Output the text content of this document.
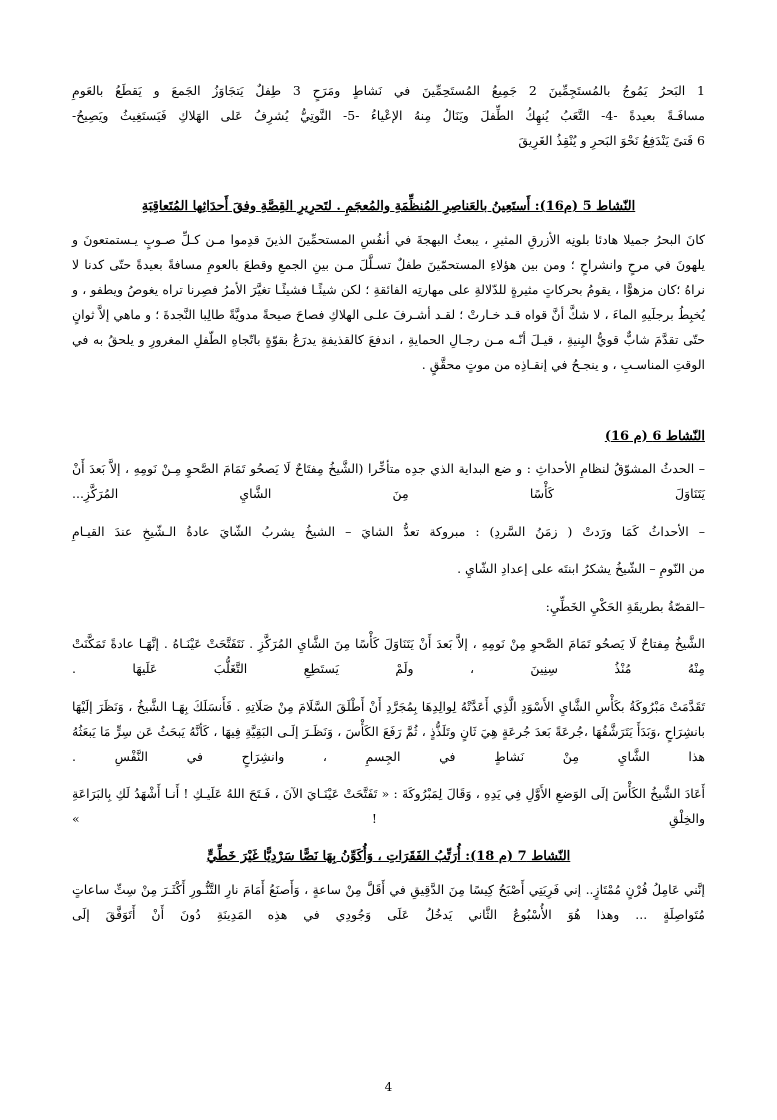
1 البَحرُ يَمُوجُ بالمُستَجِمِّينَ 2 جَمِيعُ المُستَحِمِّينَ في نَشاطٍ ومَرَحٍ 3 طِفلٌ يَتجَاوَزُ الجَمعَ و يَقطَعُ بالعَومِ

مسافَـةً بعيدةً -4- التَّعَبُ يُنهِكُ الطِّفلَ ويَنَالُ مِنهُ الإعْياءُ -5- النَّوتِيُّ يُشرِفُ عَلى الهَلاكِ فَيَستَغِيثُ ويَصِيحُ-

6 فَتىً يَنْدَفِعُ نَحْوَ البَحرِ و يُنْقِذُ الغَرِيقَ

النّشاط 5 (م16): أَستَعِينُ بالعَناصِرِ المُنظِّمَةِ والمُعجَمِ . لتَحرِيرِ القِصَّةِ وفقَ أَحدَاثِها المُتَعاقِبَةِ

كانَ البحرُ جميلا هادئا بلونِه الأزرقِ المثيرِ ، يبعثُ البهجةَ في أنفُسِ المستحمِّينَ الذينَ قدِموا مـن كـلِّ صـوبٍ يـستمتعونَ و يلهونَ في مرحٍ وانشراحٍ ؛ ومن بين هؤلاءِ المستحمّينَ طفلٌ تسـلَّلَ مـن بينِ الجمعِ وقطعَ بالعومِ مسافةً بعيدةً حتّى كدنا لا نراهُ ؛كان مزهوًّا ، يقومُ بحركاتٍ مثيرةٍ للدّلالةِ على مهارتِه الفائقةِ ؛ لكن شيئًـا فشيئًـا تغيَّرَ الأمرُ فصِرنا تراه يغوصُ ويطفو ، و يُخبِطُ برجلَيهِ الماءَ ، لا شكَّ أنَّ قواه قـد خـارتْ ؛ لقـد أشـرفَ علـى الهلاكِ فصاحَ صيحةً مدويَّةً طالِبا النَّجدةَ ؛ و ماهي إلاَّ ثوانٍ حتّى تقدَّمَ شابٌّ قويُّ البِنيةِ ، قيـلَ أنّـه مـن رجـالِ الحمايةِ ، اندفعَ كالقذيفةِ يدرَعُ بقوّةٍ باتّجاهِ الطّفلِ المغرورِ و يلحقُ به في الوقتِ المناسـبِ ، و ينجـحُ في إنقـاذِه من موتٍ محقَّقٍ .

النّشاط 6 (م 16)

– الحدثُ المشوّقُ لنظامِ الأحداثِ : و ضع البداية الذي جدِه متأخِّرا (الشَّيخُ مِفتَاحٌ لَا يَصحُو تَمَامَ الصَّحوِ مِـنْ نَومِهِ ، إلاَّ بَعدَ أَنْ يَتَنَاوَلَ كَأْسًا مِنَ الشَّايِ المُرَكَّزِ...

– الأحداثُ كَمَا ورَدتْ ( زمَنُ السَّردِ) : مبروكة تعدُّ الشايَ – الشيخُ يشربُ الشّايَ عادةُ الـشّيخِ عندَ القيـامِ

من النّومِ – الشّيخُ يشكرُ ابنتَه على إعدادِ الشّايِ .

–القصّةُ بطريقَةِ الحَكْيِ الخَطِّيِ:

الشَّيخُ مِفتاحٌ لَا يَصحُو تَمَامَ الصَّحوِ مِنْ نَومِهِ ، إلاَّ بَعدَ أَنْ يَتَنَاوَلَ كَأْسًا مِنَ الشَّايِ المُرَكَّزِ . نَتَفَتَّحَتْ عَيْنَـاهُ . إنَّهَـا عادةً تَمَكَّنَتْ مِنْهُ مُنْذُ سِنِينَ ، ولَمْ يَستَطِعِ التَّغَلُّبَ عَلَيهَا .

تَقَدَّمَتْ مَبْرُوكَةُ بكَأْسِ الشَّايِ الأَسْوَدِ الَّذِي أَعَدَّتْهُ لِوالِدِهَا بِمُجَرَّدِ أَنْ أَطْلَقَ السَّلَامَ مِنْ صَلَاتِهِ . فَأَنسَلَكَ بِهَـا الشَّيخُ ، وَنَظَرَ إلَيْهَا بانشِرَاحٍ ،وَبَدَأَ يَتَرَشَّفُهَا ،جُرعَةً بَعدَ جُرعَةٍ هِيَ ثَانٍ وتَلَذُّذٍ ، ثُمَّ رَفَعَ الكَأْسَ ، وَنَظَـرَ إلَـى البَقِيَّةِ فِيهَا ، كَأنَّهُ يَبحَثُ عَن سِرٍّ مَا يَبعَثُهُ هذا الشَّايِ مِنْ نَشاطٍ في الجِسمِ ، وانشِرَاحٍ في النَّفْسِ .

أَعَادَ الشَّيخُ الكَأْسَ إلَى الوَضعِ الأَوَّلِ فِي يَدِهِ ، وَقَالَ لِمَبْرُوكَةَ : « تَفَتَّحَتْ عَيْنَـايَ الآنَ ، فَـتَحَ اللهُ عَلَيـكِ ! أَنـا أَشْهَدُ لَكِ بِالبَرَاعَةِ والخِلْقِ ! »

النّشاط 7 (م 18): أُرَتِّبُ الفَقَرَاتِ ، وَأُكَوِّنُ بِهَا نَصًّا سَرْدِيًّا غَيْرَ خَطِّيٍّ

إنَّني عَامِلُ فُرْنٍ مُمْتَازٍ.. إني فَرِيَتِي أَصْبَحُ كِيسًا مِنَ الدَّقِيقِ في أَقَلَّ مِنْ ساعةٍ ، وَأَصنَعُ أَمَامَ نارِ التَّنُّـورِ أَكْثَـرَ مِنْ سِتِّ ساعاتٍ مُتَواصِلَةٍ ... وهذا هُوَ الأُسْبُوعُ الثَّاني يَدخُلُ عَلَى وَجُودِي في هذِه المَدِينَةِ دُونَ أَنْ أَتَوَفَّقَ إلَى

4
